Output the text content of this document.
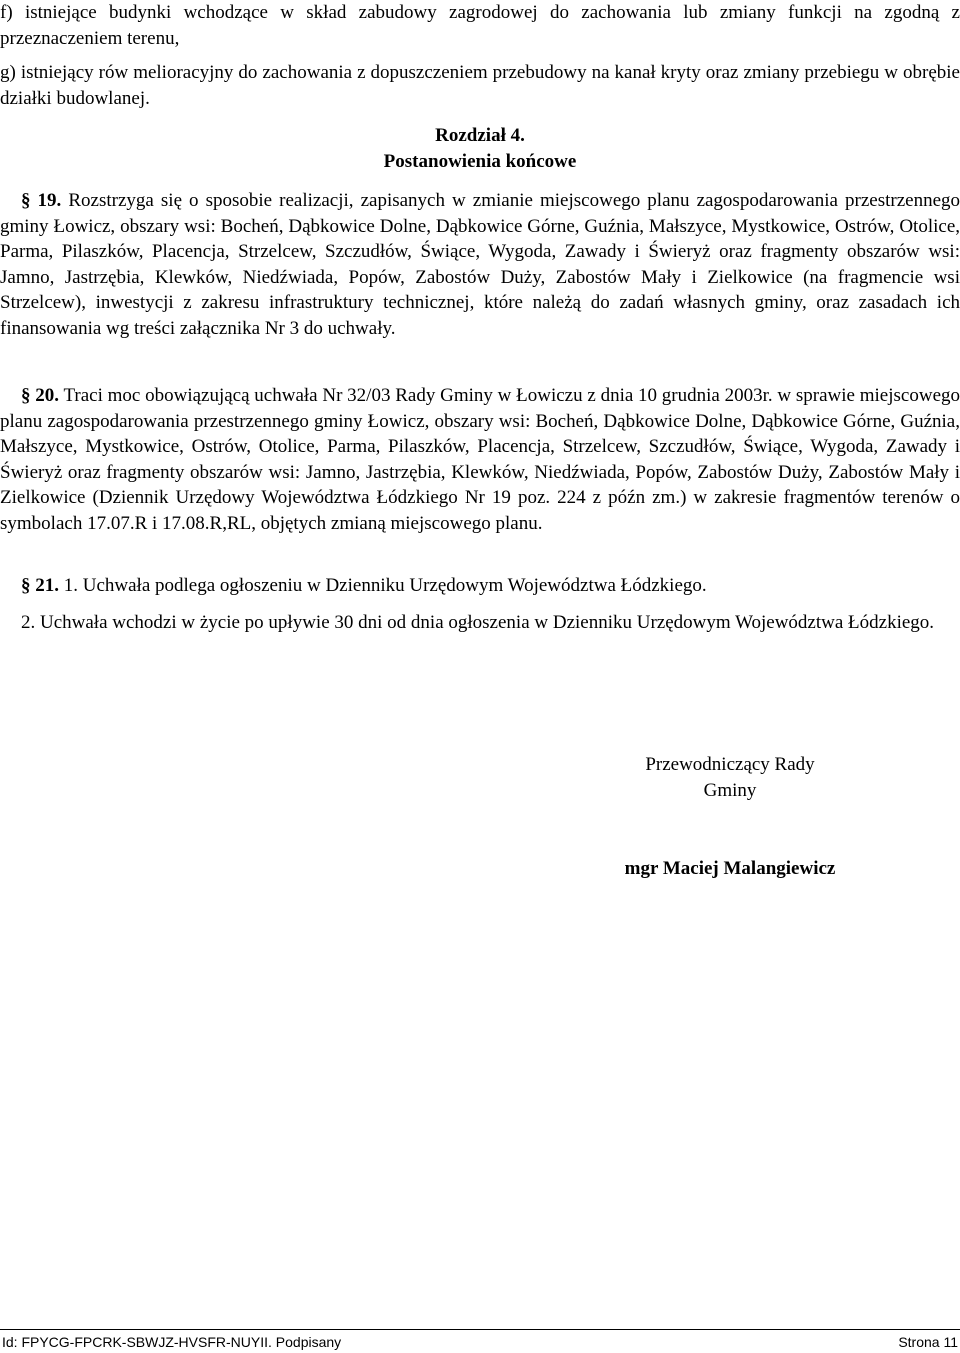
f) istniejące budynki wchodzące w skład zabudowy zagrodowej do zachowania lub zmiany funkcji na zgodną z przeznaczeniem terenu,

g) istniejący rów melioracyjny do zachowania z dopuszczeniem przebudowy na kanał kryty oraz zmiany przebiegu w obrębie działki budowlanej.

Rozdział 4.
Postanowienia końcowe

§ 19. Rozstrzyga się o sposobie realizacji, zapisanych w zmianie miejscowego planu zagospodarowania przestrzennego gminy Łowicz, obszary wsi: Bocheń, Dąbkowice Dolne, Dąbkowice Górne, Guźnia, Małszyce, Mystkowice, Ostrów, Otolice, Parma, Pilaszków, Placencja, Strzelcew, Szczudłów, Świące, Wygoda, Zawady i Świeryż oraz fragmenty obszarów wsi: Jamno, Jastrzębia, Klewków, Niedźwiada, Popów, Zabostów Duży, Zabostów Mały i Zielkowice (na fragmencie wsi Strzelcew), inwestycji z zakresu infrastruktury technicznej, które należą do zadań własnych gminy, oraz zasadach ich finansowania wg treści załącznika Nr 3 do uchwały.

§ 20. Traci moc obowiązującą uchwała Nr 32/03 Rady Gminy w Łowiczu z dnia 10 grudnia 2003r. w sprawie miejscowego planu zagospodarowania przestrzennego gminy Łowicz, obszary wsi: Bocheń, Dąbkowice Dolne, Dąbkowice Górne, Guźnia, Małszyce, Mystkowice, Ostrów, Otolice, Parma, Pilaszków, Placencja, Strzelcew, Szczudłów, Świące, Wygoda, Zawady i Świeryż oraz fragmenty obszarów wsi: Jamno, Jastrzębia, Klewków, Niedźwiada, Popów, Zabostów Duży, Zabostów Mały i Zielkowice (Dziennik Urzędowy Województwa Łódzkiego Nr 19 poz. 224 z późn zm.) w zakresie fragmentów terenów o symbolach 17.07.R i 17.08.R,RL, objętych zmianą miejscowego planu.

§ 21. 1. Uchwała podlega ogłoszeniu w Dzienniku Urzędowym Województwa Łódzkiego.

2. Uchwała wchodzi w życie po upływie 30 dni od dnia ogłoszenia w Dzienniku Urzędowym Województwa Łódzkiego.

Przewodniczący Rady
Gminy
mgr Maciej Malangiewicz
Id: FPYCG-FPCRK-SBWJZ-HVSFR-NUYII. Podpisany	Strona 11
